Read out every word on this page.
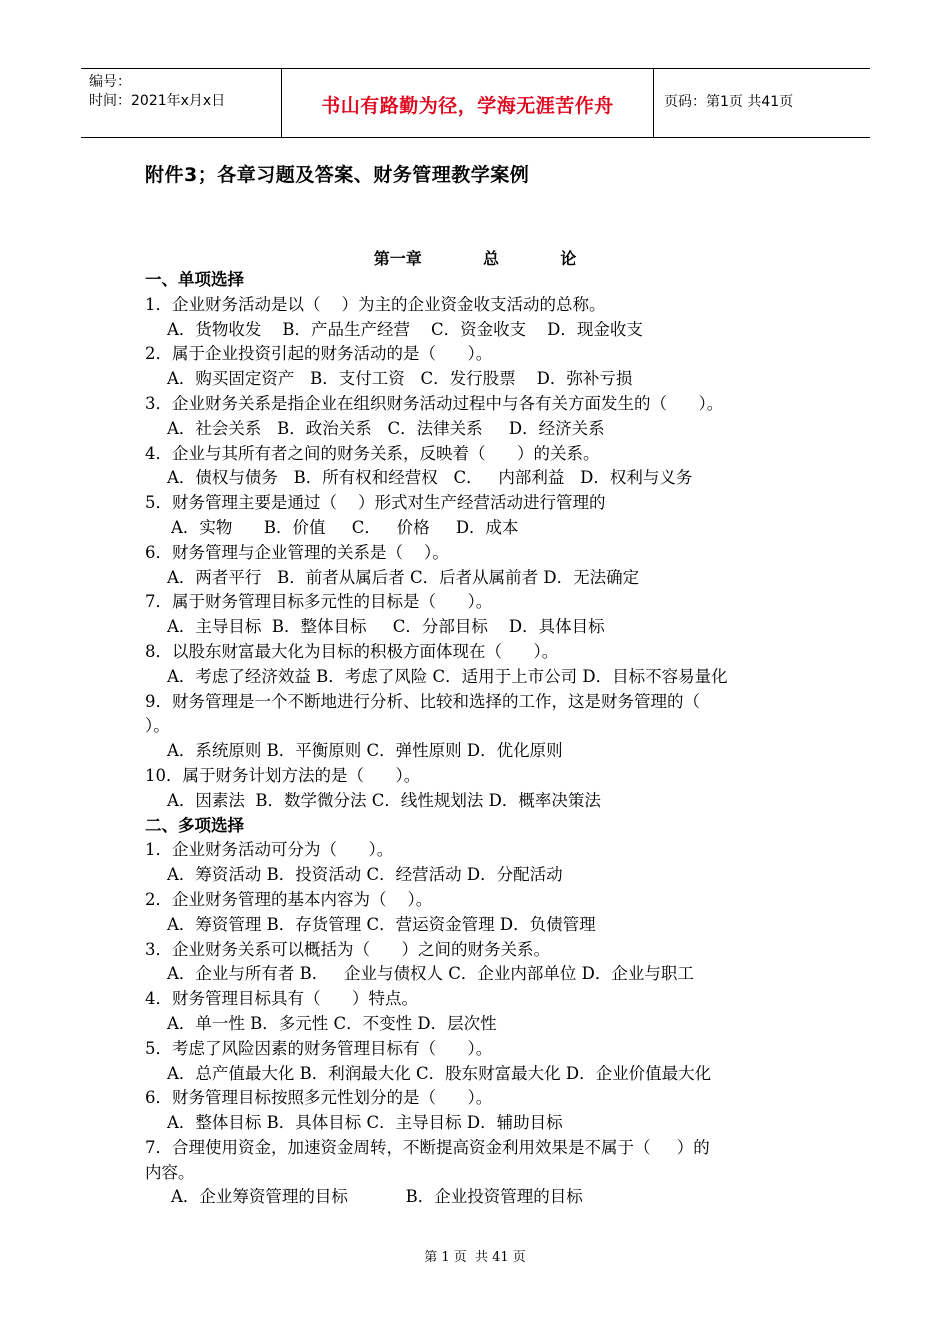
编号：
时间：2021年x月x日	书山有路勤为径，学海无涯苦作舟	页码：第1页 共41页
附件3；各章习题及答案、财务管理教学案例
第一章           总           论
一、单项选择
1．企业财务活动是以（    ）为主的企业资金收支活动的总称。
A．货物收发    B．产品生产经营    C．资金收支    D．现金收支
2．属于企业投资引起的财务活动的是（      ）。
A．购买固定资产   B．支付工资   C．发行股票    D．弥补亏损
3．企业财务关系是指企业在组织财务活动过程中与各有关方面发生的（      ）。
A．社会关系   B．政治关系   C．法律关系     D．经济关系
4．企业与其所有者之间的财务关系，反映着（      ）的关系。
A．债权与债务   B．所有权和经营权   C．   内部利益   D．权利与义务
5．财务管理主要是通过（    ）形式对生产经营活动进行管理的
A．实物      B．价值     C．   价格     D．成本
6．财务管理与企业管理的关系是（    ）。
A．两者平行   B．前者从属后者 C．后者从属前者 D．无法确定
7．属于财务管理目标多元性的目标是（      ）。
A．主导目标  B．整体目标     C．分部目标    D．具体目标
8．以股东财富最大化为目标的积极方面体现在（      ）。
A．考虑了经济效益 B．考虑了风险 C．适用于上市公司 D．目标不容易量化
9．财务管理是一个不断地进行分析、比较和选择的工作，这是财务管理的（
）。
A．系统原则 B．平衡原则 C．弹性原则 D．优化原则
10．属于财务计划方法的是（      ）。
A．因素法  B．数学微分法 C．线性规划法 D．概率决策法
二、多项选择
1．企业财务活动可分为（      ）。
A．筹资活动 B．投资活动 C．经营活动 D．分配活动
2．企业财务管理的基本内容为（    ）。
A．筹资管理 B．存货管理 C．营运资金管理 D．负债管理
3．企业财务关系可以概括为（      ）之间的财务关系。
A．企业与所有者 B．   企业与债权人 C．企业内部单位 D．企业与职工
4．财务管理目标具有（      ）特点。
A．单一性 B．多元性 C．不变性 D．层次性
5．考虑了风险因素的财务管理目标有（      ）。
A．总产值最大化 B．利润最大化 C．股东财富最大化 D．企业价值最大化
6．财务管理目标按照多元性划分的是（      ）。
A．整体目标 B．具体目标 C．主导目标 D．辅助目标
7．合理使用资金，加速资金周转，不断提高资金利用效果是不属于（     ）的
内容。
A．企业筹资管理的目标           B．企业投资管理的目标
第 1 页  共 41 页
